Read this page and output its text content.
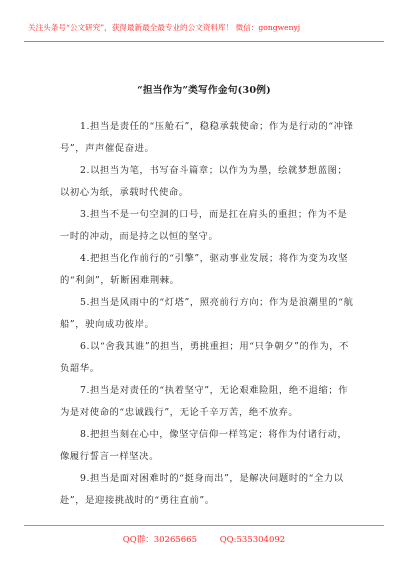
关注头条号“公文研究”，获得最新最全最专业的公文资料库！ 微信：gongwenyj
“担当作为”类写作金句(30例)

1.担当是责任的“压舱石”，稳稳承载使命；作为是行动的“冲锋号”，声声催促奋进。

2.以担当为笔，书写奋斗篇章；以作为为墨，绘就梦想蓝图；以初心为纸，承载时代使命。

3.担当不是一句空洞的口号，而是扛在肩头的重担；作为不是一时的冲动，而是持之以恒的坚守。

4.把担当化作前行的“引擎”，驱动事业发展；将作为变为攻坚的“利剑”，斩断困难荆棘。

5.担当是风雨中的“灯塔”，照亮前行方向；作为是浪潮里的“航船”，驶向成功彼岸。

6.以“舍我其谁”的担当，勇挑重担；用“只争朝夕”的作为，不负韶华。

7.担当是对责任的“执着坚守”，无论艰难险阻，绝不退缩；作为是对使命的“忠诚践行”，无论千辛万苦，绝不放弃。

8.把担当刻在心中，像坚守信仰一样笃定；将作为付诸行动，像履行誓言一样坚决。

9.担当是面对困难时的“挺身而出”，是解决问题时的“全力以赴”，是迎接挑战时的“勇往直前”。

QQ群：30265665	QQ:535304092
